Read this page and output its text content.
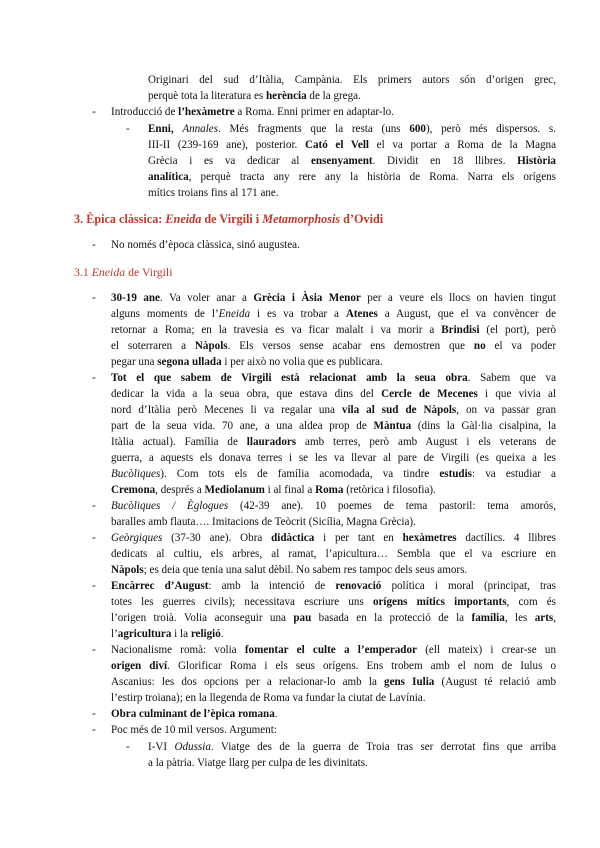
Originari del sud d’Itàlia, Campània. Els primers autors són d’origen grec,

perquè tota la literatura es herència de la grega.

- Introducció de l’hexàmetre a Roma. Enni primer en adaptar-lo.

- Enni, Annales. Més fragments que la resta (uns 600), però més dispersos. s.

III-II (239-169 ane), posterior. Cató el Vell el va portar a Roma de la Magna

Grècia i es va dedicar al ensenyament. Dividit en 18 llibres. Història

analítica, perquè tracta any rere any la història de Roma. Narra els orígens

mítics troians fins al 171 ane.

3. Èpica clàssica: Eneida de Virgili i Metamorphosis d’Ovidi

- No només d’època clàssica, sinó augustea.

3.1 Eneida de Virgili

- 30-19 ane. Va voler anar a Grècia i Àsia Menor per a veure els llocs on havien tingut

alguns moments de l’Eneida i es va trobar a Atenes a August, que el va convèncer de

retornar a Roma; en la travesia es va ficar malalt i va morir a Brindisi (el port), però

el soterraren a Nàpols. Els versos sense acabar ens demostren que no el va poder

pegar una segona ullada i per això no volia que es publicara.

- Tot el que sabem de Virgili està relacionat amb la seua obra. Sabem que va

dedicar la vida a la seua obra, que estava dins del Cercle de Mecenes i que vivia al

nord d’Itàlia però Mecenes li va regalar una vila al sud de Nàpols, on va passar gran

part de la seua vida. 70 ane, a una aldea prop de Màntua (dins la Gàl·lia cisalpina, la

Itàlia actual). Família de llauradors amb terres, però amb August i els veterans de

guerra, a aquests els donava terres i se les va llevar al pare de Virgili (es queixa a les

Bucòliques). Com tots els de família acomodada, va tindre estudis: va estudiar a

Cremona, després a Mediolanum i al final a Roma (retòrica i filosofia).

- Bucòliques / Èglogues (42-39 ane). 10 poemes de tema pastoril: tema amorós,

baralles amb flauta…. Imitacions de Teòcrit (Sicília, Magna Grècia).

- Geòrgiques (37-30 ane). Obra didàctica i per tant en hexàmetres dactílics. 4 llibres

dedicats al cultiu, els arbres, al ramat, l’apicultura… Sembla que el va escriure en

Nàpols; es deia que tenia una salut dèbil. No sabem res tampoc dels seus amors.

- Encàrrec d’August: amb la intenció de renovació política i moral (principat, tras

totes les guerres civils); necessitava escriure uns orígens mítics importants, com és

l’origen troià. Volia aconseguir una pau basada en la protecció de la família, les arts,

l’agricultura i la religió.

- Nacionalisme romà: volia fomentar el culte a l’emperador (ell mateix) i crear-se un

origen diví. Glorificar Roma i els seus orígens. Ens trobem amb el nom de Iulus o

Ascanius: les dos opcions per a relacionar-lo amb la gens Iulia (August té relació amb

l’estirp troiana); en la llegenda de Roma va fundar la ciutat de Lavínia.

- Obra culminant de l’èpica romana.

- Poc més de 10 mil versos. Argument:

- I-VI Odussia. Viatge des de la guerra de Troia tras ser derrotat fins que arriba

a la pàtria. Viatge llarg per culpa de les divinitats.
